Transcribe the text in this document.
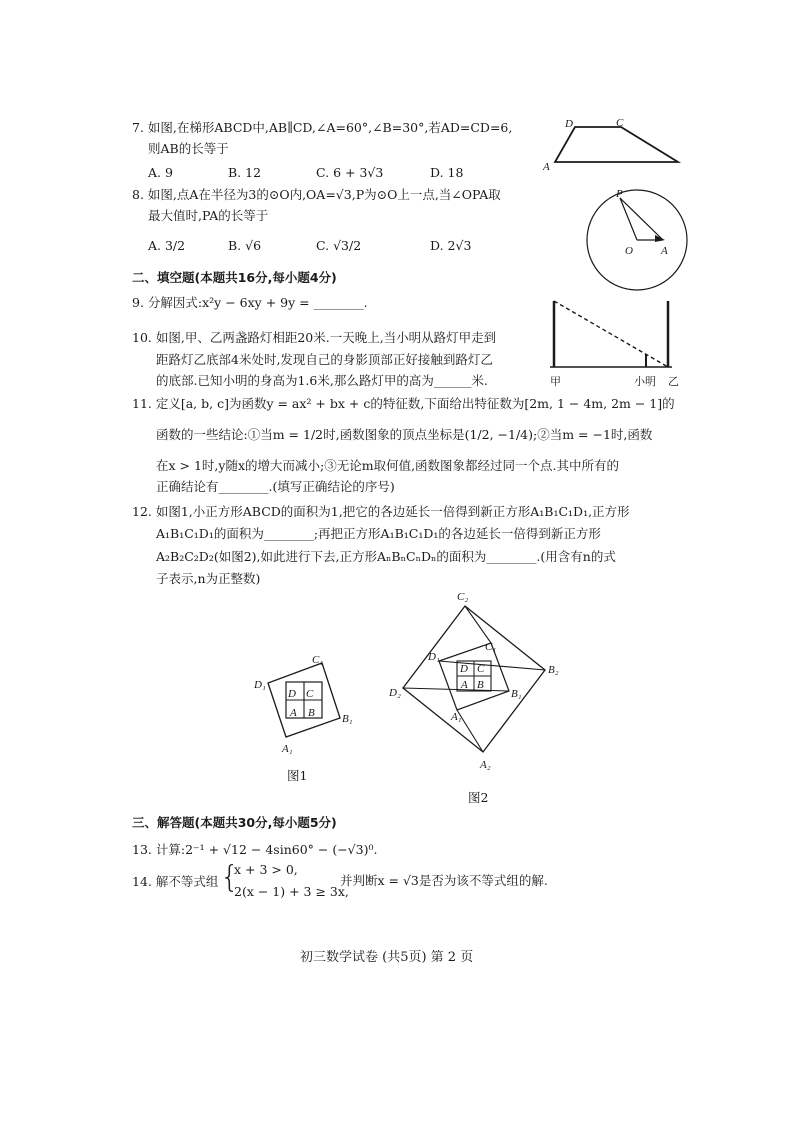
7. 如图,在梯形ABCD中,AB∥CD,∠A=60°,∠B=30°,若AD=CD=6,
则AB的长等于
A. 9	B. 12	C. 6 + 3√3	D. 18
D	C
A
8. 如图,点A在半径为3的⊙O内,OA=√3,P为⊙O上一点,当∠OPA取
最大值时,PA的长等于
A. 3/2	B. √6	C. √3/2	D. 2√3
P
O	A
二、填空题(本题共16分,每小题4分)
9. 分解因式:x²y − 6xy + 9y = ________.
10. 如图,甲、乙两盏路灯相距20米.一天晚上,当小明从路灯甲走到
距路灯乙底部4米处时,发现自己的身影顶部正好接触到路灯乙
的底部.已知小明的身高为1.6米,那么路灯甲的高为______米.	甲	小明 乙
11. 定义[a, b, c]为函数y = ax² + bx + c的特征数,下面给出特征数为[2m, 1 − 4m, 2m − 1]的
函数的一些结论:①当m = 1/2时,函数图象的顶点坐标是(1/2, −1/4);②当m = −1时,函数
在x > 1时,y随x的增大而减小;③无论m取何值,函数图象都经过同一个点.其中所有的
正确结论有________.(填写正确结论的序号)
12. 如图1,小正方形ABCD的面积为1,把它的各边延长一倍得到新正方形A₁B₁C₁D₁,正方形
A₁B₁C₁D₁的面积为________;再把正方形A₁B₁C₁D₁的各边延长一倍得到新正方形
A₂B₂C₂D₂(如图2),如此进行下去,正方形AₙBₙCₙDₙ的面积为________.(用含有n的式
子表示,n为正整数)
C₁
D₁
B₁
A₁
D C
A B
图1
C₂
D₂
B₂
A₂
D₁
C₁
B₁
A₁
D C
A B
图2
三、解答题(本题共30分,每小题5分)
13. 计算:2⁻¹ + √12 − 4sin60° − (−√3)⁰.
14. 解不等式组 {
x + 3 > 0,
2(x − 1) + 3 ≥ 3x,
并判断x = √3是否为该不等式组的解.
初三数学试卷 (共5页) 第 2 页
